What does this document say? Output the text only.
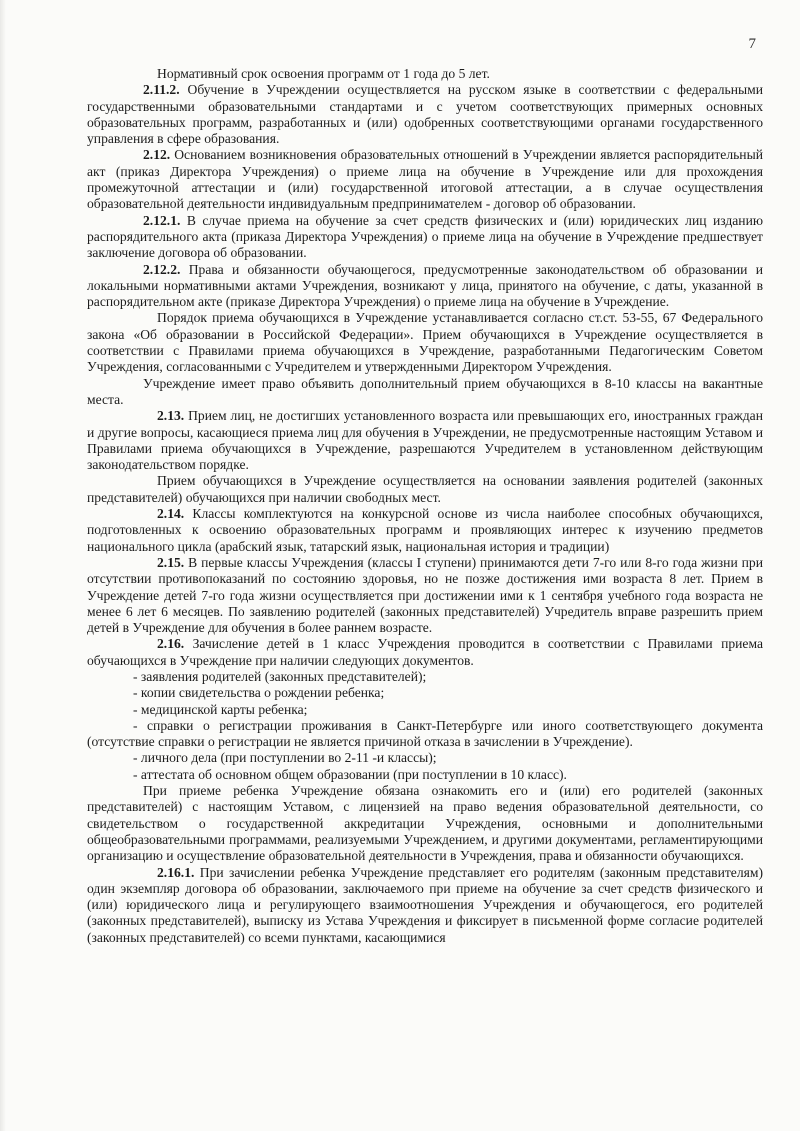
7

Нормативный срок освоения программ от 1 года до 5 лет.

2.11.2. Обучение в Учреждении осуществляется на русском языке в соответствии с федеральными государственными образовательными стандартами и с учетом соответствующих примерных основных образовательных программ, разработанных и (или) одобренных соответствующими органами государственного управления в сфере образования.

2.12. Основанием возникновения образовательных отношений в Учреждении является распорядительный акт (приказ Директора Учреждения) о приеме лица на обучение в Учреждение или для прохождения промежуточной аттестации и (или) государственной итоговой аттестации, а в случае осуществления образовательной деятельности индивидуальным предпринимателем - договор об образовании.

2.12.1. В случае приема на обучение за счет средств физических и (или) юридических лиц изданию распорядительного акта (приказа Директора Учреждения) о приеме лица на обучение в Учреждение предшествует заключение договора об образовании.

2.12.2. Права и обязанности обучающегося, предусмотренные законодательством об образовании и локальными нормативными актами Учреждения, возникают у лица, принятого на обучение, с даты, указанной в распорядительном акте (приказе Директора Учреждения) о приеме лица на обучение в Учреждение.

Порядок приема обучающихся в Учреждение устанавливается согласно ст.ст. 53-55, 67 Федерального закона «Об образовании в Российской Федерации». Прием обучающихся в Учреждение осуществляется в соответствии с Правилами приема обучающихся в Учреждение, разработанными Педагогическим Советом Учреждения, согласованными с Учредителем и утвержденными Директором Учреждения.

Учреждение имеет право объявить дополнительный прием обучающихся в 8-10 классы на вакантные места.

2.13. Прием лиц, не достигших установленного возраста или превышающих его, иностранных граждан и другие вопросы, касающиеся приема лиц для обучения в Учреждении, не предусмотренные настоящим Уставом и Правилами приема обучающихся в Учреждение, разрешаются Учредителем в установленном действующим законодательством порядке.

Прием обучающихся в Учреждение осуществляется на основании заявления родителей (законных представителей) обучающихся при наличии свободных мест.

2.14. Классы комплектуются на конкурсной основе из числа наиболее способных обучающихся, подготовленных к освоению образовательных программ и проявляющих интерес к изучению предметов национального цикла (арабский язык, татарский язык, национальная история и традиции)

2.15. В первые классы Учреждения (классы I ступени) принимаются дети 7-го или 8-го года жизни при отсутствии противопоказаний по состоянию здоровья, но не позже достижения ими возраста 8 лет. Прием в Учреждение детей 7-го года жизни осуществляется при достижении ими к 1 сентября учебного года возраста не менее 6 лет 6 месяцев. По заявлению родителей (законных представителей) Учредитель вправе разрешить прием детей в Учреждение для обучения в более раннем возрасте.

2.16. Зачисление детей в 1 класс Учреждения проводится в соответствии с Правилами приема обучающихся в Учреждение при наличии следующих документов.

- заявления родителей (законных представителей);

- копии свидетельства о рождении ребенка;

- медицинской карты ребенка;

- справки о регистрации проживания в Санкт-Петербурге или иного соответствующего документа (отсутствие справки о регистрации не является причиной отказа в зачислении в Учреждение).

- личного дела (при поступлении во 2-11 -и классы);

- аттестата об основном общем образовании (при поступлении в 10 класс).

При приеме ребенка Учреждение обязана ознакомить его и (или) его родителей (законных представителей) с настоящим Уставом, с лицензией на право ведения образовательной деятельности, со свидетельством о государственной аккредитации Учреждения, основными и дополнительными общеобразовательными программами, реализуемыми Учреждением, и другими документами, регламентирующими организацию и осуществление образовательной деятельности в Учреждения, права и обязанности обучающихся.

2.16.1. При зачислении ребенка Учреждение представляет его родителям (законным представителям) один экземпляр договора об образовании, заключаемого при приеме на обучение за счет средств физического и (или) юридического лица и регулирующего взаимоотношения Учреждения и обучающегося, его родителей (законных представителей), выписку из Устава Учреждения и фиксирует в письменной форме согласие родителей (законных представителей) со всеми пунктами, касающимися
